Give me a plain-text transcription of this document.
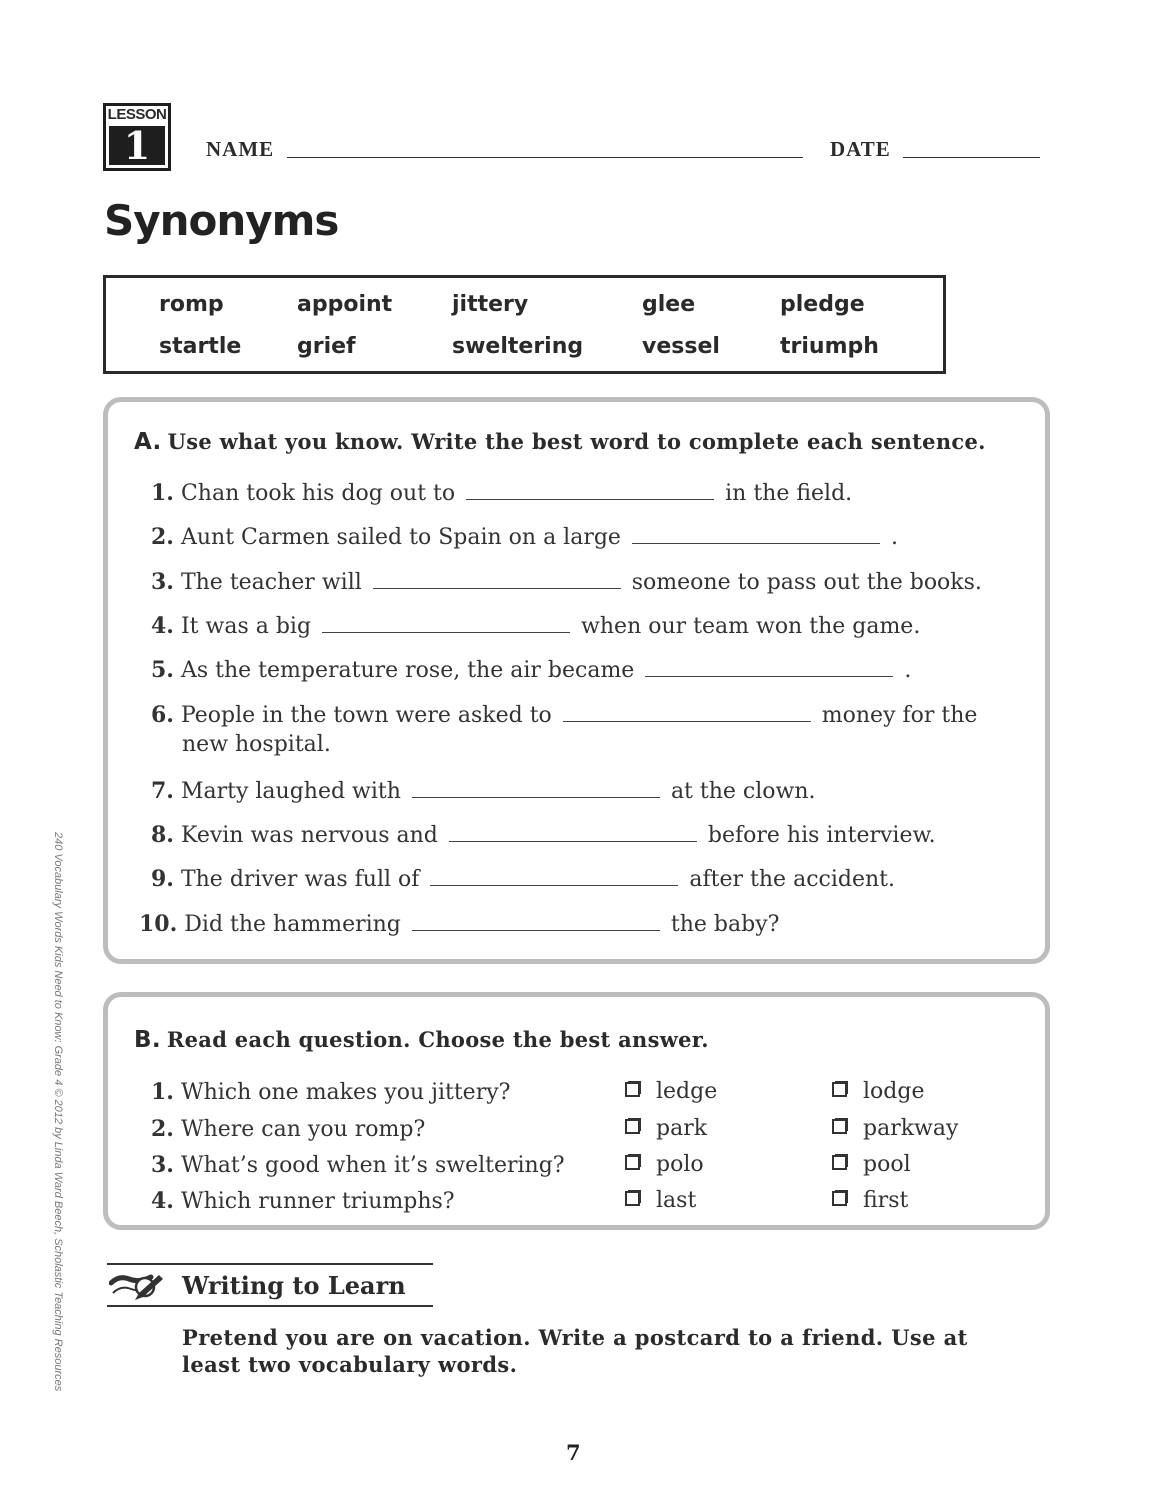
LESSON
1	NAME	DATE
Synonyms
romp	appoint	jittery	glee	pledge
startle	grief	sweltering	vessel	triumph
A. Use what you know. Write the best word to complete each sentence.
1. Chan took his dog out to	in the field.
2. Aunt Carmen sailed to Spain on a large	.
3. The teacher will	someone to pass out the books.
4. It was a big	when our team won the game.
5. As the temperature rose, the air became	.
6. People in the town were asked to	money for the
new hospital.
7. Marty laughed with	at the clown.
8. Kevin was nervous and	before his interview.
9. The driver was full of	after the accident.
10. Did the hammering	the baby?
B. Read each question. Choose the best answer.
1. Which one makes you jittery?	ledge	lodge
2. Where can you romp?	park	parkway
3. What’s good when it’s sweltering?	polo	pool
4. Which runner triumphs?	last	first
Writing to Learn
Pretend you are on vacation. Write a postcard to a friend. Use at least two vocabulary words.
7
240 Vocabulary Words Kids Need to Know: Grade 4 © 2012 by Linda Ward Beech, Scholastic Teaching Resources
